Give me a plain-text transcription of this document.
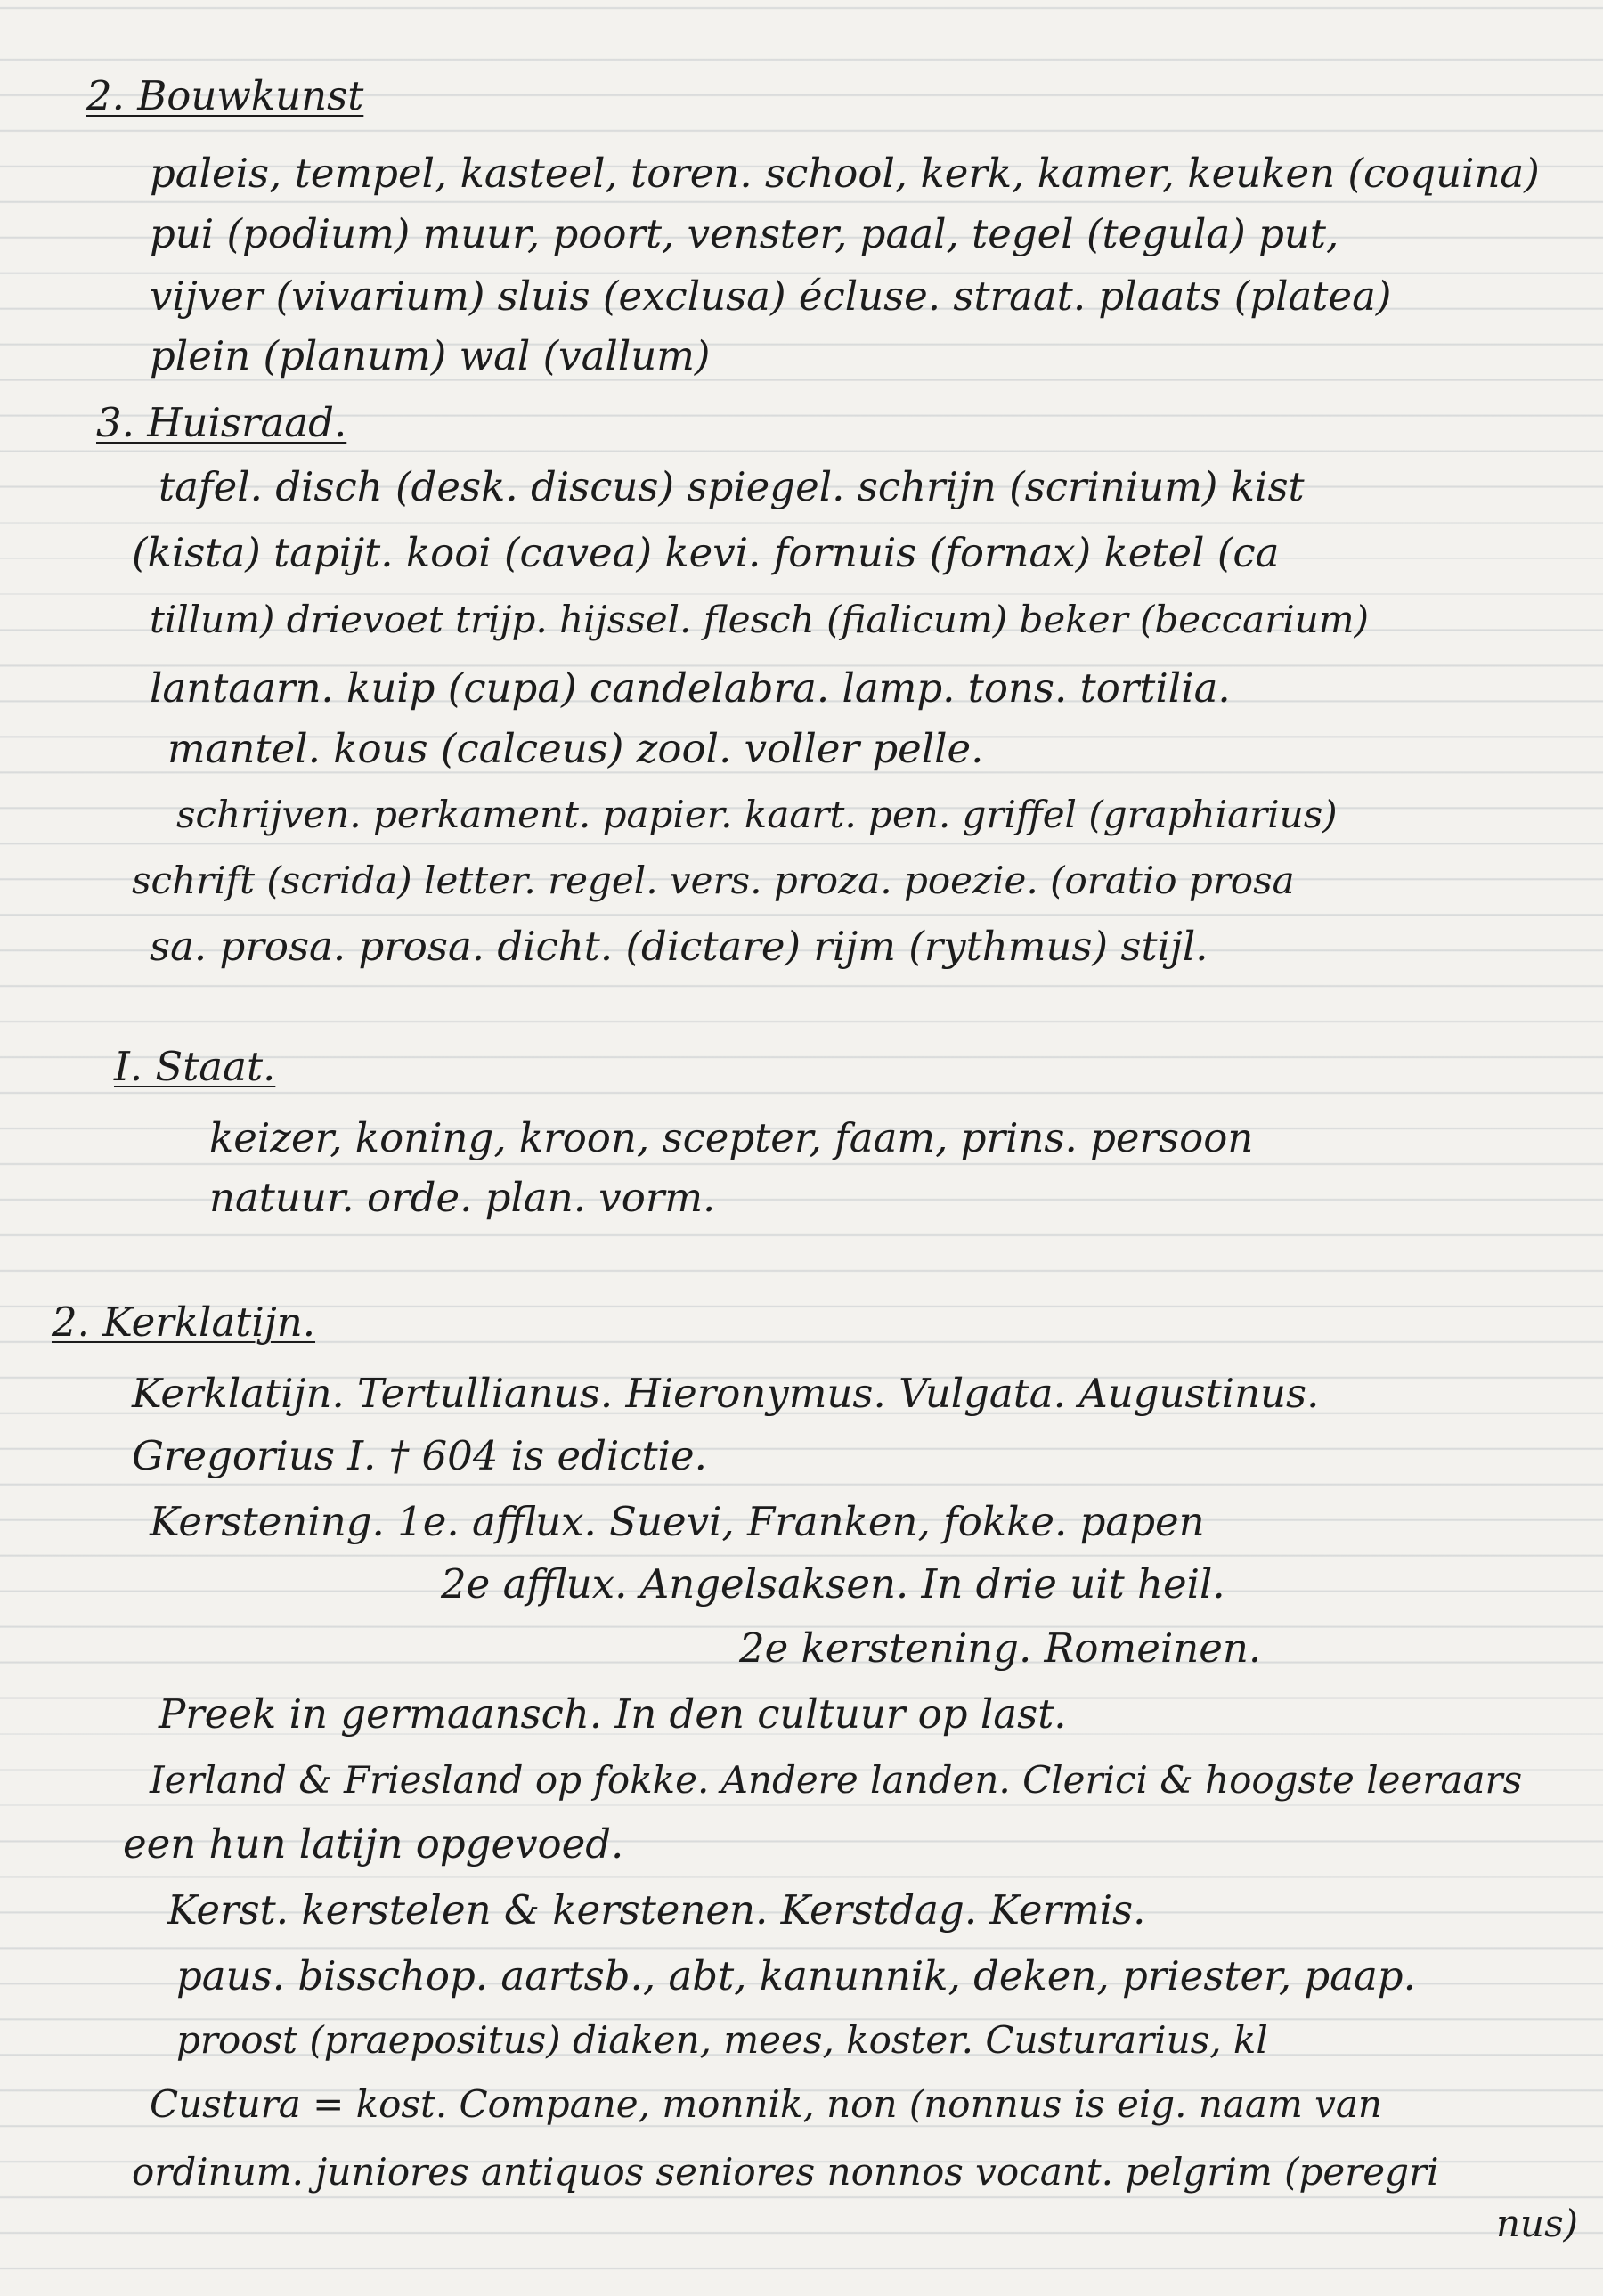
2. Bouwkunst
paleis, tempel, kasteel, toren. school, kerk, kamer, keuken (coquina)
pui (podium) muur, poort, venster, paal, tegel (tegula) put,
vijver (vivarium) sluis (exclusa) écluse. straat. plaats (platea)
plein (planum) wal (vallum)
3. Huisraad.
tafel. disch (desk. discus) spiegel. schrijn (scrinium) kist
(kista) tapijt. kooi (cavea) kevi. fornuis (fornax) ketel (ca
tillum) drievoet trijp. hijssel. flesch (fialicum) beker (beccarium)
lantaarn. kuip (cupa) candelabra. lamp. tons. tortilia.
mantel. kous (calceus) zool. voller pelle.
schrijven. perkament. papier. kaart. pen. griffel (graphiarius)
schrift (scrida) letter. regel. vers. proza. poezie. (oratio prosa
sa. prosa. prosa. dicht. (dictare) rijm (rythmus) stijl.
I. Staat.
keizer, koning, kroon, scepter, faam, prins. persoon
natuur. orde. plan. vorm.
2. Kerklatijn.
Kerklatijn. Tertullianus. Hieronymus. Vulgata. Augustinus.
Gregorius I. † 604 is edictie.
Kerstening. 1e. afflux. Suevi, Franken, fokke. papen
2e afflux. Angelsaksen. In drie uit heil.
2e kerstening. Romeinen.
Preek in germaansch. In den cultuur op last.
Ierland & Friesland op fokke. Andere landen. Clerici & hoogste leeraars
een hun latijn opgevoed.
Kerst. kerstelen & kerstenen. Kerstdag. Kermis.
paus. bisschop. aartsb., abt, kanunnik, deken, priester, paap.
proost (praepositus) diaken, mees, koster. Custurarius, kl
Custura = kost. Compane, monnik, non (nonnus is eig. naam van
ordinum. juniores antiquos seniores nonnos vocant. pelgrim (peregri
nus)
